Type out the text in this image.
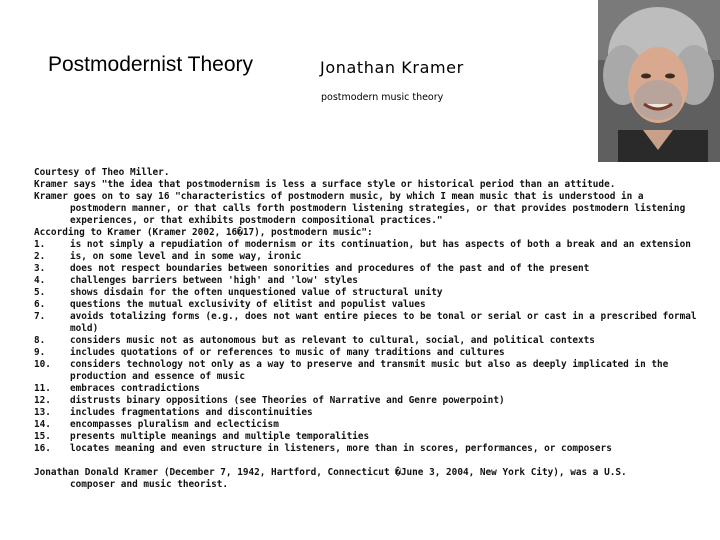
Postmodernist Theory	Jonathan Kramer
postmodern music theory
Courtesy of Theo Miller.
Kramer says "the idea that postmodernism is less a surface style or historical period than an attitude.
Kramer goes on to say 16 "characteristics of postmodern music, by which I mean music that is understood in a
postmodern manner, or that calls forth postmodern listening strategies, or that provides postmodern listening
experiences, or that exhibits postmodern compositional practices."
According to Kramer (Kramer 2002, 16�17), postmodern music":
1.	is not simply a repudiation of modernism or its continuation, but has aspects of both a break and an extension
2.	is, on some level and in some way, ironic
3.	does not respect boundaries between sonorities and procedures of the past and of the present
4.	challenges barriers between 'high' and 'low' styles
5.	shows disdain for the often unquestioned value of structural unity
6.	questions the mutual exclusivity of elitist and populist values
7.	avoids totalizing forms (e.g., does not want entire pieces to be tonal or serial or cast in a prescribed formal
mold)
8.	considers music not as autonomous but as relevant to cultural, social, and political contexts
9.	includes quotations of or references to music of many traditions and cultures
10.	considers technology not only as a way to preserve and transmit music but also as deeply implicated in the
production and essence of music
11.	embraces contradictions
12.	distrusts binary oppositions (see Theories of Narrative and Genre powerpoint)
13.	includes fragmentations and discontinuities
14.	encompasses pluralism and eclecticism
15.	presents multiple meanings and multiple temporalities
16.	locates meaning and even structure in listeners, more than in scores, performances, or composers
Jonathan Donald Kramer (December 7, 1942, Hartford, Connecticut �June 3, 2004, New York City), was a U.S.
composer and music theorist.
